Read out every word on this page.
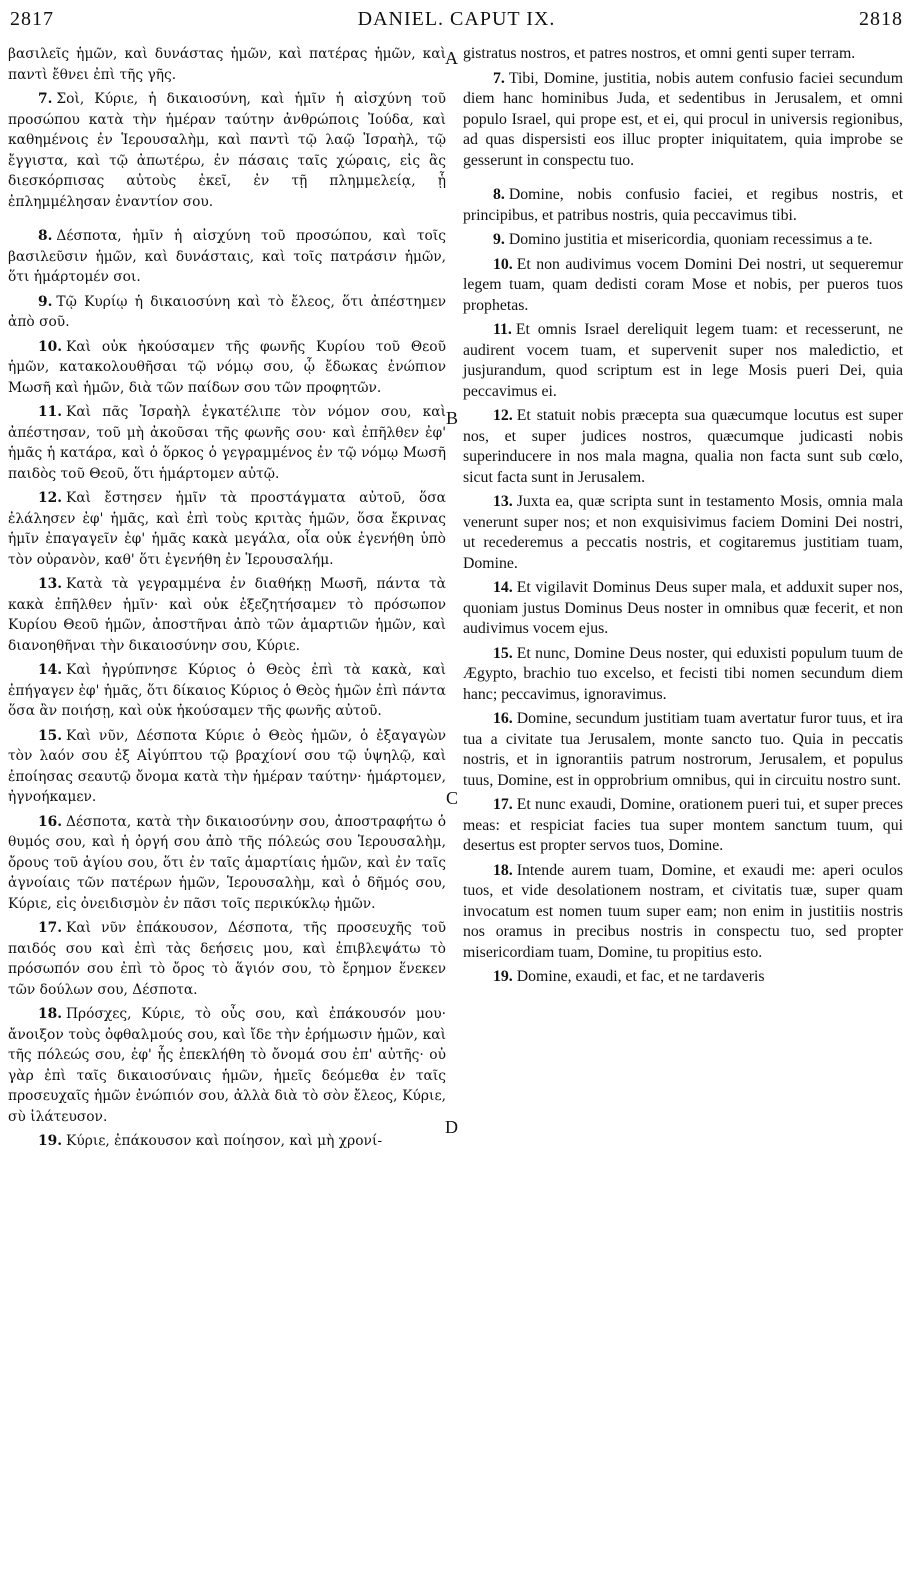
2817	DANIEL. CAPUT IX.	2818
A
B
C
D

βασιλεῖς ἡμῶν, καὶ δυνάστας ἡμῶν, καὶ πατέρας ἡμῶν, καὶ παντὶ ἔθνει ἐπὶ τῆς γῆς.

7. Σοὶ, Κύριε, ἡ δικαιοσύνη, καὶ ἡμῖν ἡ αἰσχύνη τοῦ προσώπου κατὰ τὴν ἡμέραν ταύτην ἀνθρώποις Ἰούδα, καὶ καθημένοις ἐν Ἱερουσαλὴμ, καὶ παντὶ τῷ λαῷ Ἰσραὴλ, τῷ ἔγγιστα, καὶ τῷ ἀπωτέρω, ἐν πάσαις ταῖς χώραις, εἰς ἃς διεσκόρπισας αὐτοὺς ἐκεῖ, ἐν τῇ πλημμελείᾳ, ᾗ ἐπλημμέλησαν ἐναντίον σου.

8. Δέσποτα, ἡμῖν ἡ αἰσχύνη τοῦ προσώπου, καὶ τοῖς βασιλεῦσιν ἡμῶν, καὶ δυνάσταις, καὶ τοῖς πατράσιν ἡμῶν, ὅτι ἡμάρτομέν σοι.

9. Τῷ Κυρίῳ ἡ δικαιοσύνη καὶ τὸ ἔλεος, ὅτι ἀπέστημεν ἀπὸ σοῦ.

10. Καὶ οὐκ ἠκούσαμεν τῆς φωνῆς Κυρίου τοῦ Θεοῦ ἡμῶν, κατακολουθῆσαι τῷ νόμῳ σου, ᾧ ἔδωκας ἐνώπιον Μωσῆ καὶ ἡμῶν, διὰ τῶν παίδων σου τῶν προφητῶν.

11. Καὶ πᾶς Ἰσραὴλ ἐγκατέλιπε τὸν νόμον σου, καὶ ἀπέστησαν, τοῦ μὴ ἀκοῦσαι τῆς φωνῆς σου· καὶ ἐπῆλθεν ἐφ' ἡμᾶς ἡ κατάρα, καὶ ὁ ὅρκος ὁ γεγραμμένος ἐν τῷ νόμῳ Μωσῆ παιδὸς τοῦ Θεοῦ, ὅτι ἡμάρτομεν αὐτῷ.

12. Καὶ ἔστησεν ἡμῖν τὰ προστάγματα αὐτοῦ, ὅσα ἐλάλησεν ἐφ' ἡμᾶς, καὶ ἐπὶ τοὺς κριτὰς ἡμῶν, ὅσα ἔκρινας ἡμῖν ἐπαγαγεῖν ἐφ' ἡμᾶς κακὰ μεγάλα, οἷα οὐκ ἐγενήθη ὑπὸ τὸν οὐρανὸν, καθ' ὅτι ἐγενήθη ἐν Ἱερουσαλήμ.

13. Κατὰ τὰ γεγραμμένα ἐν διαθήκῃ Μωσῆ, πάντα τὰ κακὰ ἐπῆλθεν ἡμῖν· καὶ οὐκ ἐξεζητήσαμεν τὸ πρόσωπον Κυρίου Θεοῦ ἡμῶν, ἀποστῆναι ἀπὸ τῶν ἁμαρτιῶν ἡμῶν, καὶ διανοηθῆναι τὴν δικαιοσύνην σου, Κύριε.

14. Καὶ ἠγρύπνησε Κύριος ὁ Θεὸς ἐπὶ τὰ κακὰ, καὶ ἐπήγαγεν ἐφ' ἡμᾶς, ὅτι δίκαιος Κύριος ὁ Θεὸς ἡμῶν ἐπὶ πάντα ὅσα ἂν ποιήσῃ, καὶ οὐκ ἠκούσαμεν τῆς φωνῆς αὐτοῦ.

15. Καὶ νῦν, Δέσποτα Κύριε ὁ Θεὸς ἡμῶν, ὁ ἐξαγαγὼν τὸν λαόν σου ἐξ Αἰγύπτου τῷ βραχίονί σου τῷ ὑψηλῷ, καὶ ἐποίησας σεαυτῷ ὄνομα κατὰ τὴν ἡμέραν ταύτην· ἡμάρτομεν, ἠγνοήκαμεν.

16. Δέσποτα, κατὰ τὴν δικαιοσύνην σου, ἀποστραφήτω ὁ θυμός σου, καὶ ἡ ὀργή σου ἀπὸ τῆς πόλεώς σου Ἱερουσαλὴμ, ὄρους τοῦ ἁγίου σου, ὅτι ἐν ταῖς ἁμαρτίαις ἡμῶν, καὶ ἐν ταῖς ἀγνοίαις τῶν πατέρων ἡμῶν, Ἱερουσαλὴμ, καὶ ὁ δῆμός σου, Κύριε, εἰς ὀνειδισμὸν ἐν πᾶσι τοῖς περικύκλῳ ἡμῶν.

17. Καὶ νῦν ἐπάκουσον, Δέσποτα, τῆς προσευχῆς τοῦ παιδός σου καὶ ἐπὶ τὰς δεήσεις μου, καὶ ἐπιβλεψάτω τὸ πρόσωπόν σου ἐπὶ τὸ ὄρος τὸ ἅγιόν σου, τὸ ἔρημον ἕνεκεν τῶν δούλων σου, Δέσποτα.

18. Πρόσχες, Κύριε, τὸ οὖς σου, καὶ ἐπάκουσόν μου· ἄνοιξον τοὺς ὀφθαλμούς σου, καὶ ἴδε τὴν ἐρήμωσιν ἡμῶν, καὶ τῆς πόλεώς σου, ἐφ' ἧς ἐπεκλήθη τὸ ὄνομά σου ἐπ' αὐτῆς· οὐ γὰρ ἐπὶ ταῖς δικαιοσύναις ἡμῶν, ἡμεῖς δεόμεθα ἐν ταῖς προσευχαῖς ἡμῶν ἐνώπιόν σου, ἀλλὰ διὰ τὸ σὸν ἔλεος, Κύριε, σὺ ἱλάτευσον.

19. Κύριε, ἐπάκουσον καὶ ποίησον, καὶ μὴ χρονί-

gistratus nostros, et patres nostros, et omni genti super terram.

7. Tibi, Domine, justitia, nobis autem confusio faciei secundum diem hanc hominibus Juda, et sedentibus in Jerusalem, et omni populo Israel, qui prope est, et ei, qui procul in universis regionibus, ad quas dispersisti eos illuc propter iniquitatem, quia improbe se gesserunt in conspectu tuo.

8. Domine, nobis confusio faciei, et regibus nostris, et principibus, et patribus nostris, quia peccavimus tibi.

9. Domino justitia et misericordia, quoniam recessimus a te.

10. Et non audivimus vocem Domini Dei nostri, ut sequeremur legem tuam, quam dedisti coram Mose et nobis, per pueros tuos prophetas.

11. Et omnis Israel dereliquit legem tuam: et recesserunt, ne audirent vocem tuam, et supervenit super nos maledictio, et jusjurandum, quod scriptum est in lege Mosis pueri Dei, quia peccavimus ei.

12. Et statuit nobis præcepta sua quæcumque locutus est super nos, et super judices nostros, quæcumque judicasti nobis superinducere in nos mala magna, qualia non facta sunt sub cœlo, sicut facta sunt in Jerusalem.

13. Juxta ea, quæ scripta sunt in testamento Mosis, omnia mala venerunt super nos; et non exquisivimus faciem Domini Dei nostri, ut recederemus a peccatis nostris, et cogitaremus justitiam tuam, Domine.

14. Et vigilavit Dominus Deus super mala, et adduxit super nos, quoniam justus Dominus Deus noster in omnibus quæ fecerit, et non audivimus vocem ejus.

15. Et nunc, Domine Deus noster, qui eduxisti populum tuum de Ægypto, brachio tuo excelso, et fecisti tibi nomen secundum diem hanc; peccavimus, ignoravimus.

16. Domine, secundum justitiam tuam avertatur furor tuus, et ira tua a civitate tua Jerusalem, monte sancto tuo. Quia in peccatis nostris, et in ignorantiis patrum nostrorum, Jerusalem, et populus tuus, Domine, est in opprobrium omnibus, qui in circuitu nostro sunt.

17. Et nunc exaudi, Domine, orationem pueri tui, et super preces meas: et respiciat facies tua super montem sanctum tuum, qui desertus est propter servos tuos, Domine.

18. Intende aurem tuam, Domine, et exaudi me: aperi oculos tuos, et vide desolationem nostram, et civitatis tuæ, super quam invocatum est nomen tuum super eam; non enim in justitiis nostris nos oramus in precibus nostris in conspectu tuo, sed propter misericordiam tuam, Domine, tu propitius esto.

19. Domine, exaudi, et fac, et ne tardaveris
